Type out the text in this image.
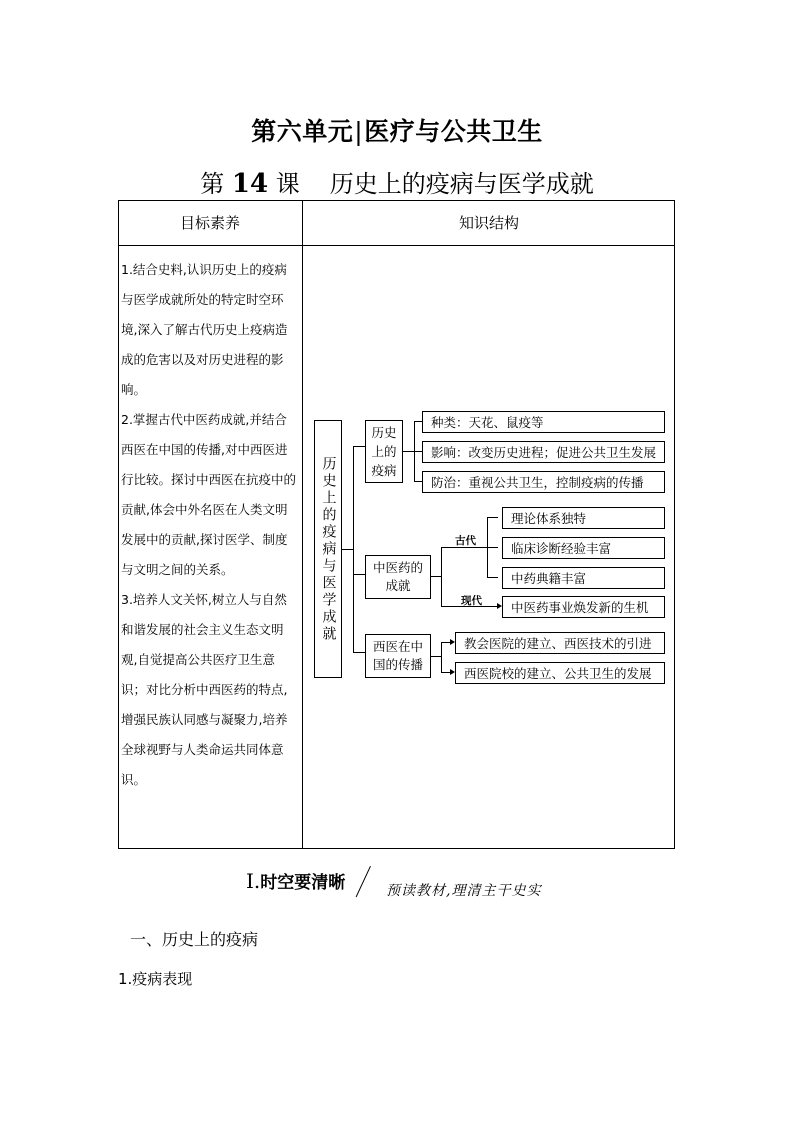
第六单元|医疗与公共卫生
第 14 课 历史上的疫病与医学成就
目标素养	知识结构

1.结合史料,认识历史上的疫病与医学成就所处的特定时空环境,深入了解古代历史上疫病造成的危害以及对历史进程的影响。

2.掌握古代中医药成就,并结合西医在中国的传播,对中西医进行比较。探讨中西医在抗疫中的贡献,体会中外名医在人类文明发展中的贡献,探讨医学、制度与文明之间的关系。

3.培养人文关怀,树立人与自然和谐发展的社会主义生态文明观,自觉提高公共医疗卫生意识；对比分析中西医药的特点,增强民族认同感与凝聚力,培养全球视野与人类命运共同体意识。

历史上的疫病与医学成就
历史
上的
疫病
种类：天花、鼠疫等
影响：改变历史进程；促进公共卫生发展
防治：重视公共卫生，控制疫病的传播
中医药的
成就
古代
现代
理论体系独特
临床诊断经验丰富
中药典籍丰富
中医药事业焕发新的生机
西医在中
国的传播
教会医院的建立、西医技术的引进
西医院校的建立、公共卫生的发展
Ⅰ.时空要清晰	预读教材,理清主干史实
一、历史上的疫病
1.疫病表现
